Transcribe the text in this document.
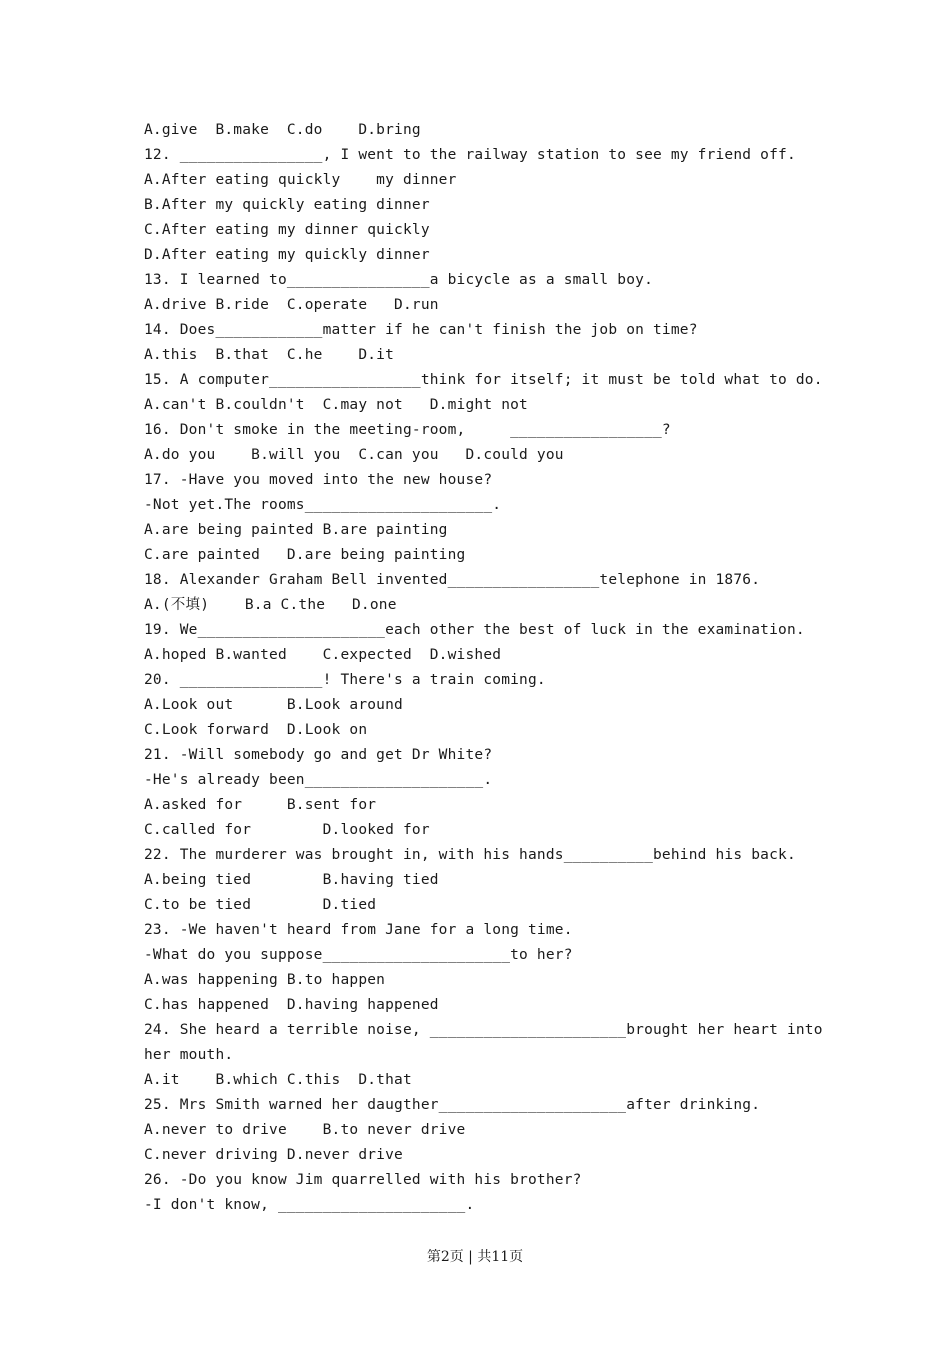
A.give  B.make  C.do    D.bring
12. ________________, I went to the railway station to see my friend off.
A.After eating quickly    my dinner
B.After my quickly eating dinner
C.After eating my dinner quickly
D.After eating my quickly dinner
13. I learned to________________a bicycle as a small boy.
A.drive B.ride  C.operate   D.run
14. Does____________matter if he can't finish the job on time?
A.this  B.that  C.he    D.it
15. A computer_________________think for itself; it must be told what to do.
A.can't B.couldn't  C.may not   D.might not
16. Don't smoke in the meeting-room,     _________________?
A.do you    B.will you  C.can you   D.could you
17. -Have you moved into the new house?
-Not yet.The rooms_____________________.
A.are being painted B.are painting
C.are painted   D.are being painting
18. Alexander Graham Bell invented_________________telephone in 1876.
A.(不填)    B.a C.the   D.one
19. We_____________________each other the best of luck in the examination.
A.hoped B.wanted    C.expected  D.wished
20. ________________! There's a train coming.
A.Look out      B.Look around
C.Look forward  D.Look on
21. -Will somebody go and get Dr White?
-He's already been____________________.
A.asked for     B.sent for
C.called for        D.looked for
22. The murderer was brought in, with his hands__________behind his back.
A.being tied        B.having tied
C.to be tied        D.tied
23. -We haven't heard from Jane for a long time.
-What do you suppose_____________________to her?
A.was happening B.to happen
C.has happened  D.having happened
24. She heard a terrible noise, ______________________brought her heart into
her mouth.
A.it    B.which C.this  D.that
25. Mrs Smith warned her daugther_____________________after drinking.
A.never to drive    B.to never drive
C.never driving D.never drive
26. -Do you know Jim quarrelled with his brother?
-I don't know, _____________________.
第2页 | 共11页
